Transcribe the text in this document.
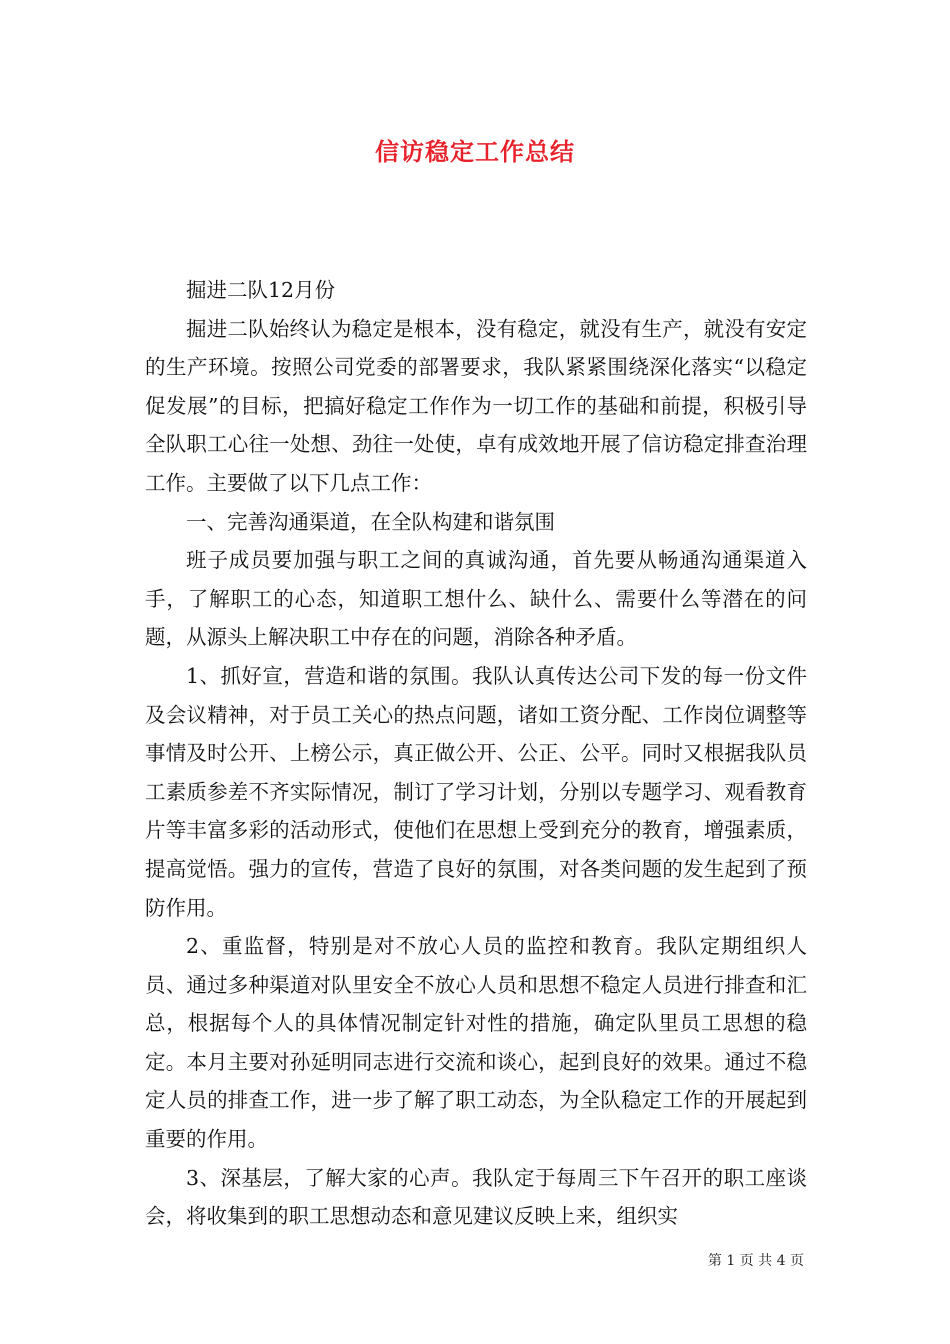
信访稳定工作总结

掘进二队12月份

掘进二队始终认为稳定是根本，没有稳定，就没有生产，就没有安定的生产环境。按照公司党委的部署要求，我队紧紧围绕深化落实“以稳定促发展”的目标，把搞好稳定工作作为一切工作的基础和前提，积极引导全队职工心往一处想、劲往一处使，卓有成效地开展了信访稳定排查治理工作。主要做了以下几点工作：

一、完善沟通渠道，在全队构建和谐氛围

班子成员要加强与职工之间的真诚沟通，首先要从畅通沟通渠道入手，了解职工的心态，知道职工想什么、缺什么、需要什么等潜在的问题，从源头上解决职工中存在的问题，消除各种矛盾。

1、抓好宣，营造和谐的氛围。我队认真传达公司下发的每一份文件及会议精神，对于员工关心的热点问题，诸如工资分配、工作岗位调整等事情及时公开、上榜公示，真正做公开、公正、公平。同时又根据我队员工素质参差不齐实际情况，制订了学习计划，分别以专题学习、观看教育片等丰富多彩的活动形式，使他们在思想上受到充分的教育，增强素质，提高觉悟。强力的宣传，营造了良好的氛围，对各类问题的发生起到了预防作用。

2、重监督，特别是对不放心人员的监控和教育。我队定期组织人员、通过多种渠道对队里安全不放心人员和思想不稳定人员进行排查和汇总，根据每个人的具体情况制定针对性的措施，确定队里员工思想的稳定。本月主要对孙延明同志进行交流和谈心，起到良好的效果。通过不稳定人员的排查工作，进一步了解了职工动态，为全队稳定工作的开展起到重要的作用。

3、深基层，了解大家的心声。我队定于每周三下午召开的职工座谈会，将收集到的职工思想动态和意见建议反映上来，组织实

第 1 页 共 4 页
